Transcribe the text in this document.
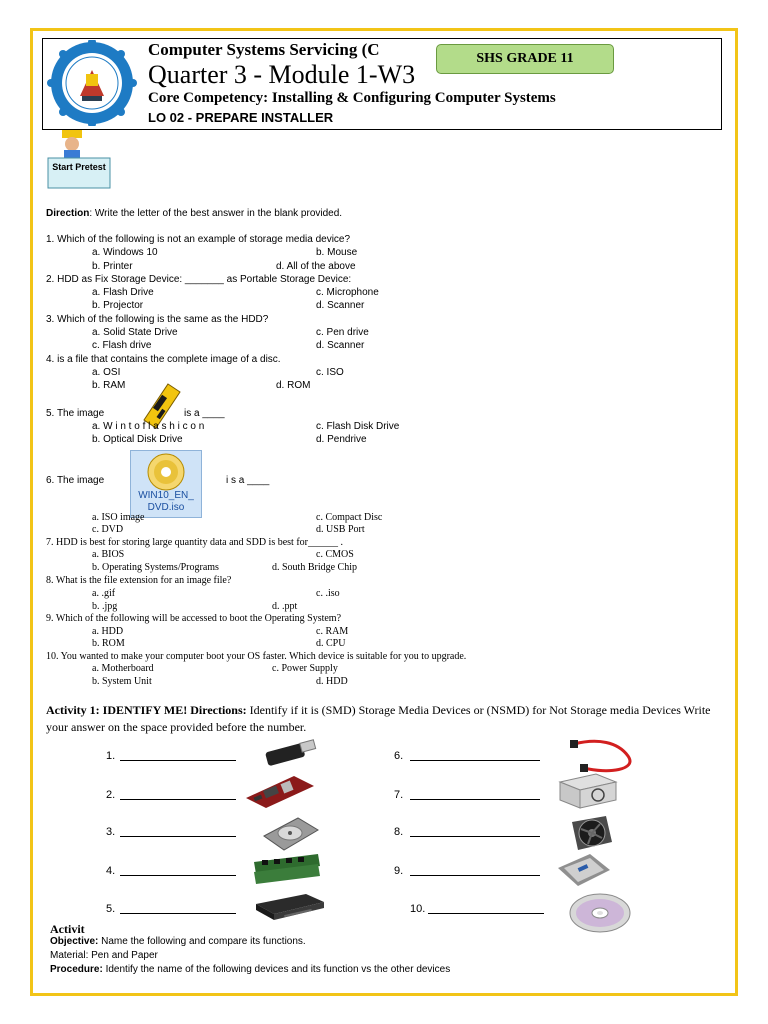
Computer Systems Servicing (C
Quarter 3 - Module 1-W3
Core Competency: Installing & Configuring Computer Systems
LO 02 - PREPARE INSTALLER
SHS GRADE 11
Start Pretest
Direction: Write the letter of the best answer in the blank provided.
1. Which of the following is not an example of storage media device?
a. Windows 10
b. Printer
b. Mouse
d. All of the above
2. HDD as Fix Storage Device: _______ as Portable Storage Device:
a. Flash Drive
b. Projector
c. Microphone
d. Scanner
3. Which of the following is the same as the HDD?
a. Solid State Drive
c. Flash drive
c. Pen drive
d. Scanner
4. is a file that contains the complete image of a disc.
a. OSI
b. RAM
c. ISO
d. ROM
5. The image	is a ____
a. W i n t o f l a s h i c o n
b. Optical Disk Drive
c. Flash Disk Drive
d. Pendrive
6. The image
WIN10_EN_ DVD.iso
i s a ____
a. ISO image
c. DVD
c. Compact Disc
d. USB Port
7. HDD is best for storing large quantity data and SDD is best for______ .
a. BIOS
b. Operating Systems/Programs
c. CMOS
d. South Bridge Chip
8. What is the file extension for an image file?
a. .gif
b. .jpg
c. .iso
d. .ppt
9. Which of the following will be accessed to boot the Operating System?
a. HDD
b. ROM
c. RAM
d. CPU
10. You wanted to make your computer boot your OS faster. Which device is suitable for you to upgrade.
a. Motherboard
b. System Unit
c. Power Supply
d. HDD
Activity 1: IDENTIFY ME! Directions: Identify if it is (SMD) Storage Media Devices or (NSMD) for Not Storage media Devices Write your answer on the space provided before the number.
1.
2.
3.
4.
5.
6.
7.
8.
9.
10.
Activit
Objective: Name the following and compare its functions.
Material: Pen and Paper
Procedure: Identify the name of the following devices and its function vs the other devices
